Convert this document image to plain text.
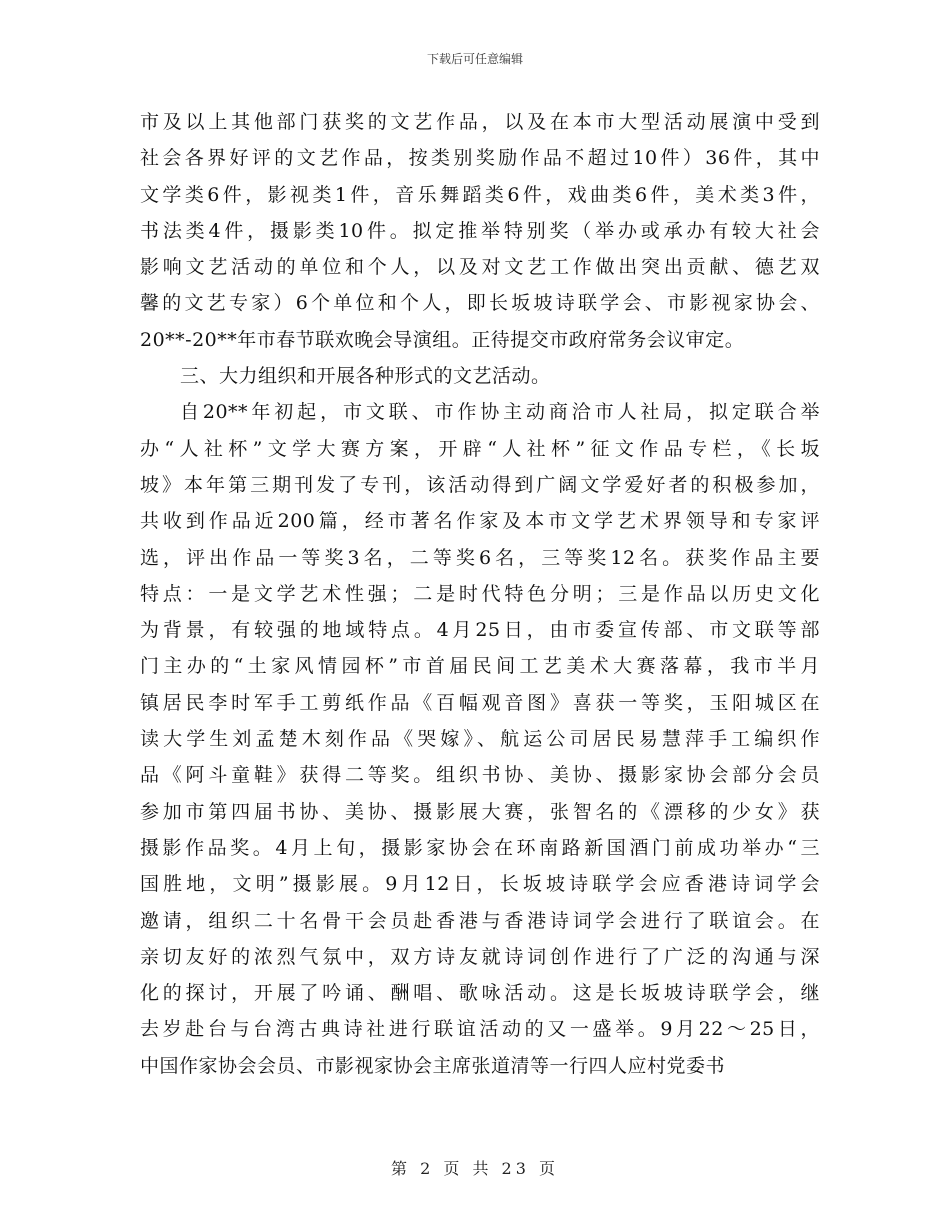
下载后可任意编辑
市及以上其他部门获奖的文艺作品，以及在本市大型活动展演中受到
社会各界好评的文艺作品，按类别奖励作品不超过10件）36件，其中
文学类6件，影视类1件，音乐舞蹈类6件，戏曲类6件，美术类3件，
书法类4件，摄影类10件。拟定推举特别奖（举办或承办有较大社会
影响文艺活动的单位和个人，以及对文艺工作做出突出贡献、德艺双
馨的文艺专家）6个单位和个人，即长坂坡诗联学会、市影视家协会、
20**-20**年市春节联欢晚会导演组。正待提交市政府常务会议审定。
三、大力组织和开展各种形式的文艺活动。
自20**年初起，市文联、市作协主动商洽市人社局，拟定联合举
办“人社杯”文学大赛方案，开辟“人社杯”征文作品专栏，《长坂
坡》本年第三期刊发了专刊，该活动得到广阔文学爱好者的积极参加，
共收到作品近200篇，经市著名作家及本市文学艺术界领导和专家评
选，评出作品一等奖3名，二等奖6名，三等奖12名。获奖作品主要
特点：一是文学艺术性强；二是时代特色分明；三是作品以历史文化
为背景，有较强的地域特点。4月25日，由市委宣传部、市文联等部
门主办的“土家风情园杯”市首届民间工艺美术大赛落幕，我市半月
镇居民李时军手工剪纸作品《百幅观音图》喜获一等奖，玉阳城区在
读大学生刘孟楚木刻作品《哭嫁》、航运公司居民易慧萍手工编织作
品《阿斗童鞋》获得二等奖。组织书协、美协、摄影家协会部分会员
参加市第四届书协、美协、摄影展大赛，张智名的《漂移的少女》获
摄影作品奖。4月上旬，摄影家协会在环南路新国酒门前成功举办“三
国胜地，文明”摄影展。9月12日，长坂坡诗联学会应香港诗词学会
邀请，组织二十名骨干会员赴香港与香港诗词学会进行了联谊会。在
亲切友好的浓烈气氛中，双方诗友就诗词创作进行了广泛的沟通与深
化的探讨，开展了吟诵、酬唱、歌咏活动。这是长坂坡诗联学会，继
去岁赴台与台湾古典诗社进行联谊活动的又一盛举。9月22～25日，
中国作家协会会员、市影视家协会主席张道清等一行四人应村党委书
第 2 页 共 23 页
